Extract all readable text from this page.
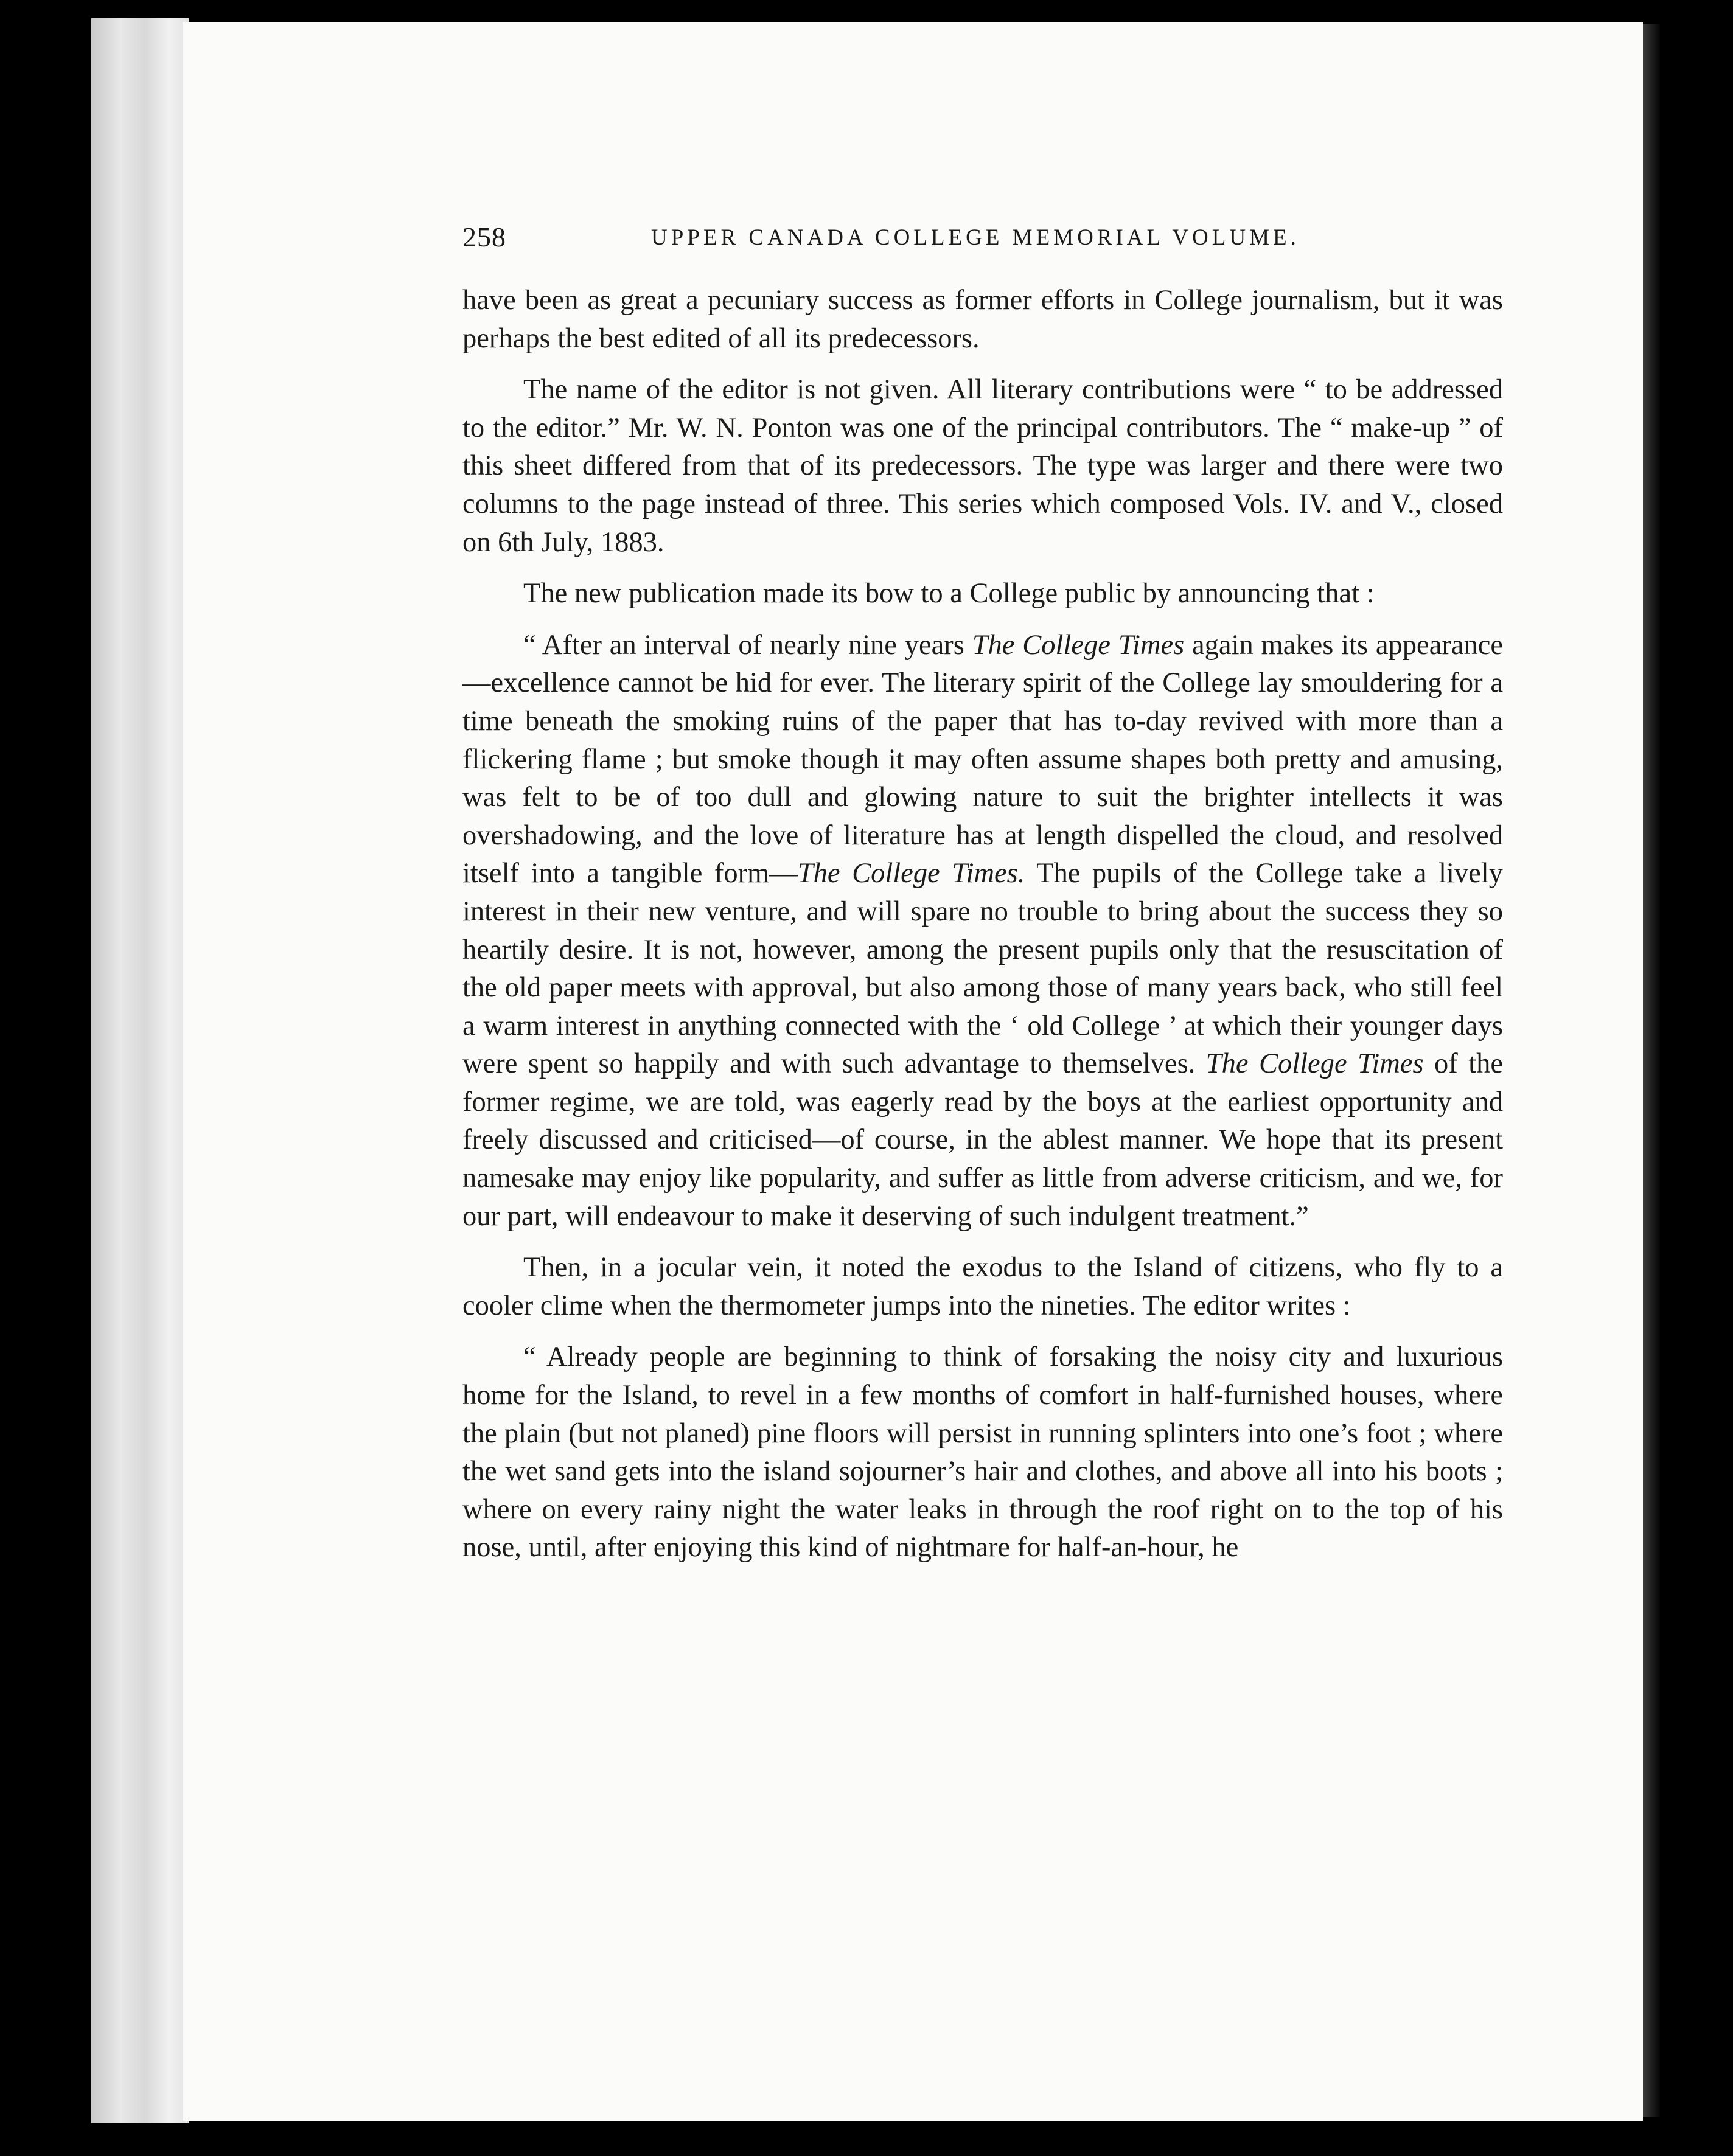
258	UPPER CANADA COLLEGE MEMORIAL VOLUME.

have been as great a pecuniary success as former efforts in College journalism, but it was perhaps the best edited of all its predecessors.

The name of the editor is not given. All literary contributions were “ to be addressed to the editor.” Mr. W. N. Ponton was one of the principal contributors. The “ make-up ” of this sheet differed from that of its predecessors. The type was larger and there were two columns to the page instead of three. This series which composed Vols. IV. and V., closed on 6th July, 1883.

The new publication made its bow to a College public by announcing that :

“ After an interval of nearly nine years The College Times again makes its appearance—excellence cannot be hid for ever. The literary spirit of the College lay smouldering for a time beneath the smoking ruins of the paper that has to-day revived with more than a flickering flame ; but smoke though it may often assume shapes both pretty and amusing, was felt to be of too dull and glowing nature to suit the brighter intellects it was overshadowing, and the love of literature has at length dispelled the cloud, and resolved itself into a tangible form—The College Times. The pupils of the College take a lively interest in their new venture, and will spare no trouble to bring about the success they so heartily desire. It is not, however, among the present pupils only that the resuscitation of the old paper meets with approval, but also among those of many years back, who still feel a warm interest in anything connected with the ‘ old College ’ at which their younger days were spent so happily and with such advantage to themselves. The College Times of the former regime, we are told, was eagerly read by the boys at the earliest opportunity and freely discussed and criticised—of course, in the ablest manner. We hope that its present namesake may enjoy like popularity, and suffer as little from adverse criticism, and we, for our part, will endeavour to make it deserving of such indulgent treatment.”

Then, in a jocular vein, it noted the exodus to the Island of citizens, who fly to a cooler clime when the thermometer jumps into the nineties. The editor writes :

“ Already people are beginning to think of forsaking the noisy city and luxurious home for the Island, to revel in a few months of comfort in half-furnished houses, where the plain (but not planed) pine floors will persist in running splinters into one’s foot ; where the wet sand gets into the island sojourner’s hair and clothes, and above all into his boots ; where on every rainy night the water leaks in through the roof right on to the top of his nose, until, after enjoying this kind of nightmare for half-an-hour, he
